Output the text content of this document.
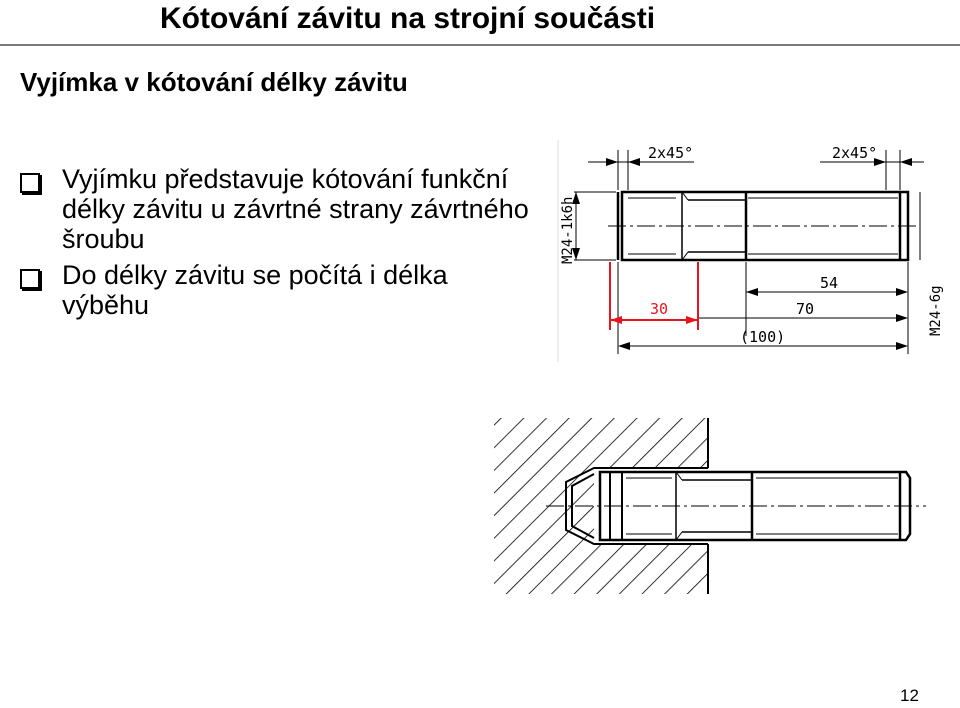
Kótování závitu na strojní součásti
Vyjímka v kótování délky závitu
Vyjímku představuje kótování funkční délky závitu u závrtné strany závrtného šroubu
Do délky závitu se počítá i délka výběhu
2x45°	2x45°
M24-1k6h
M24-6g
54
70
(100)
30
12
